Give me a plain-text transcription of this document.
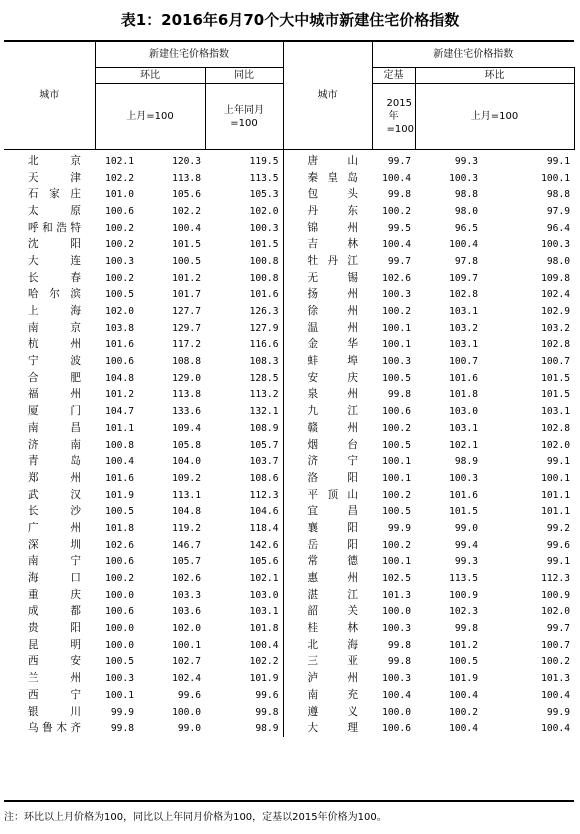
表1：2016年6月70个大中城市新建住宅价格指数
城市	新建住宅价格指数			城市	新建住宅价格指数			
	环比		同比		定基	环比		
	上月=100		上年同月=100		2015年=100	上月=100		
北京	102.1	120.3	119.5	唐山	99.7	99.3	99.1	
天津	102.2	113.8	113.5	秦皇岛	100.4	100.3	100.1	
石家庄	101.0	105.6	105.3	包头	99.8	98.8	98.8	
太原	100.6	102.2	102.0	丹东	100.2	98.0	97.9	
呼和浩特	100.2	100.4	100.3	锦州	99.5	96.5	96.4	
沈阳	100.2	101.5	101.5	吉林	100.4	100.4	100.3	
大连	100.3	100.5	100.8	牡丹江	99.7	97.8	98.0	
长春	100.2	101.2	100.8	无锡	102.6	109.7	109.8	
哈尔滨	100.5	101.7	101.6	扬州	100.3	102.8	102.4	
上海	102.0	127.7	126.3	徐州	100.2	103.1	102.9	
南京	103.8	129.7	127.9	温州	100.1	103.2	103.2	
杭州	101.6	117.2	116.6	金华	100.1	103.1	102.8	
宁波	100.6	108.8	108.3	蚌埠	100.3	100.7	100.7	
合肥	104.8	129.0	128.5	安庆	100.5	101.6	101.5	
福州	101.2	113.8	113.2	泉州	99.8	101.8	101.5	
厦门	104.7	133.6	132.1	九江	100.6	103.0	103.1	
南昌	101.1	109.4	108.9	赣州	100.2	103.1	102.8	
济南	100.8	105.8	105.7	烟台	100.5	102.1	102.0	
青岛	100.4	104.0	103.7	济宁	100.1	98.9	99.1	
郑州	101.6	109.2	108.6	洛阳	100.1	100.3	100.1	
武汉	101.9	113.1	112.3	平顶山	100.2	101.6	101.1	
长沙	100.5	104.8	104.6	宜昌	100.5	101.5	101.1	
广州	101.8	119.2	118.4	襄阳	99.9	99.0	99.2	
深圳	102.6	146.7	142.6	岳阳	100.2	99.4	99.6	
南宁	100.6	105.7	105.6	常德	100.1	99.3	99.1	
海口	100.2	102.6	102.1	惠州	102.5	113.5	112.3	
重庆	100.0	103.3	103.0	湛江	101.3	100.9	100.9	
成都	100.6	103.6	103.1	韶关	100.0	102.3	102.0	
贵阳	100.0	102.0	101.8	桂林	100.3	99.8	99.7	
昆明	100.0	100.1	100.4	北海	99.8	101.2	100.7	
西安	100.5	102.7	102.2	三亚	99.8	100.5	100.2	
兰州	100.3	102.4	101.9	泸州	100.3	101.9	101.3	
西宁	100.1	99.6	99.6	南充	100.4	100.4	100.4	
银川	99.9	100.0	99.8	遵义	100.0	100.2	99.9	
乌鲁木齐	99.8	99.0	98.9	大理	100.6	100.4	100.4	
注：环比以上月价格为100，同比以上年同月价格为100，定基以2015年价格为100。
